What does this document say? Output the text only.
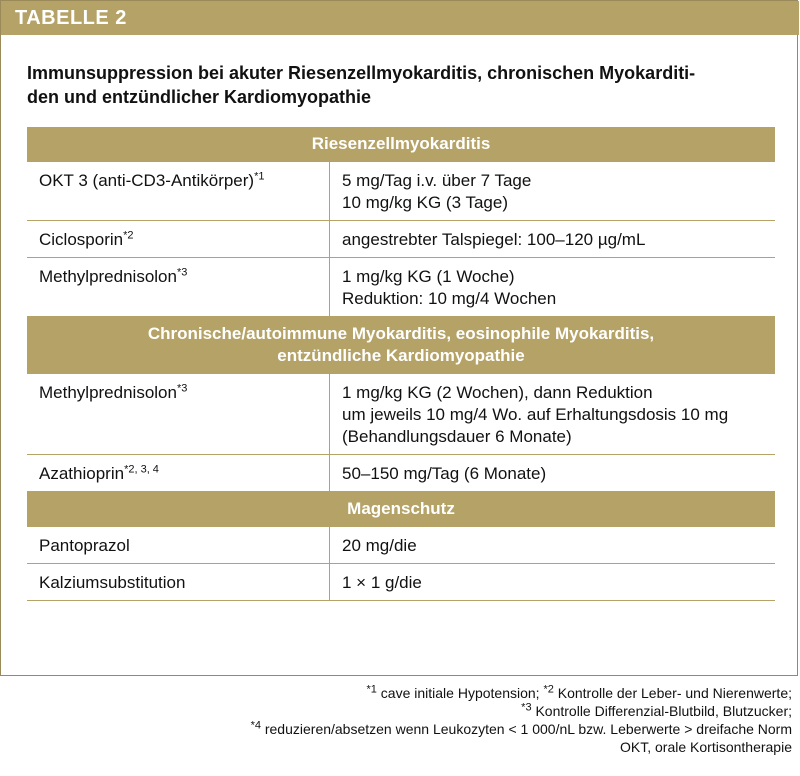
TABELLE 2
Immunsuppression bei akuter Riesenzellmyokarditis, chronischen Myokarditi-
den und entzündlicher Kardiomyopathie
Riesenzellmyokarditis	
OKT 3 (anti-CD3-Antikörper)$^{*1}$	5 mg/Tag i.v. über 7 Tage
10 mg/kg KG (3 Tage)

Ciclosporin$^{*2}$	angestrebter Talspiegel: 100–120 µg/mL

Methylprednisolon$^{*3}$	1 mg/kg KG (1 Woche)
Reduktion: 10 mg/4 Wochen

Chronische/autoimmune Myokarditis, eosinophile Myokarditis,
entzündliche Kardiomyopathie	

Methylprednisolon$^{*3}$	1 mg/kg KG (2 Wochen), dann Reduktion
um jeweils 10 mg/4 Wo. auf Erhaltungsdosis 10 mg
(Behandlungsdauer 6 Monate)

Azathioprin$^{*2, 3, 4}$	50–150 mg/Tag (6 Monate)

Magenschutz	
Pantoprazol	20 mg/die

Kalziumsubstitution	1 × 1 g/die

$^{*1}$ cave initiale Hypotension; $^{*2}$ Kontrolle der Leber- und Nierenwerte;

$^{*3}$ Kontrolle Differenzial-Blutbild, Blutzucker;

$^{*4}$ reduzieren/absetzen wenn Leukozyten < 1 000/nL bzw. Leberwerte > dreifache Norm

OKT, orale Kortisontherapie
